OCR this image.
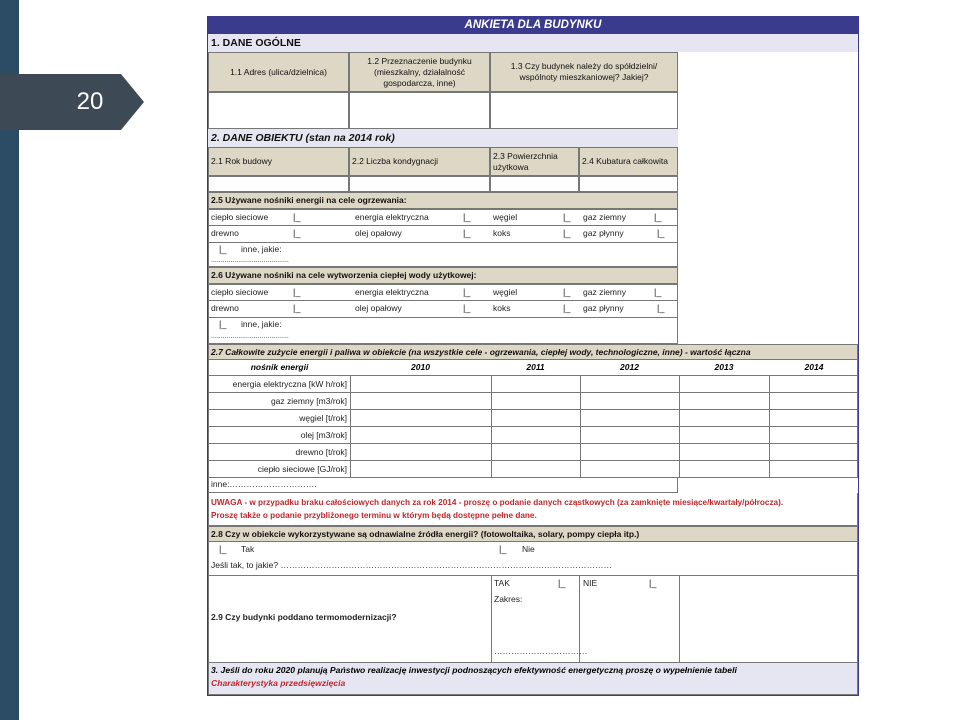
20
ANKIETA DLA BUDYNKU
1. DANE OGÓLNE
1.1 Adres (ulica/dzielnica)
1.2 Przeznaczenie budynku (mieszkalny, działalność gospodarcza, inne)
1.3 Czy budynek należy do spółdzielni/ wspólnoty mieszkaniowej? Jakiej?
2. DANE OBIEKTU (stan na 2014 rok)
2.1 Rok budowy	2.2 Liczba kondygnacji
2.3 Powierzchnia użytkowa
2.4 Kubatura całkowita
2.5 Używane nośniki energii na cele ogrzewania:
ciepło sieciowe	|_	energia elektryczna	|_	węgiel	|_ gaz ziemny	|_
drewno	|_	olej opałowy	|_	koks	|_ gaz płynny	|_
|_ inne, jakie:
........................................
2.6 Używane nośniki na cele wytworzenia ciepłej wody użytkowej:
ciepło sieciowe	|_	energia elektryczna	|_	węgiel	|_ gaz ziemny	|_
drewno	|_	olej opałowy	|_	koks	|_ gaz płynny	|_
|_ inne, jakie:
........................................
2.7 Całkowite zużycie energii i paliwa w obiekcie (na wszystkie cele - ogrzewania, ciepłej wody, technologiczne, inne) - wartość łączna
nośnik energii	2010	2011	2012	2013	2014
energia elektryczna [kW h/rok]
gaz ziemny [m3/rok]
węgiel [t/rok]
olej [m3/rok]
drewno [t/rok]
ciepło sieciowe [GJ/rok]
inne:………………………….
UWAGA - w przypadku braku całościowych danych za rok 2014 - proszę o podanie danych cząstkowych (za zamknięte miesiące/kwartały/półrocza).
Proszę także o podanie przybliżonego terminu w którym będą dostępne pełne dane.
2.8 Czy w obiekcie wykorzystywane są odnawialne źródła energii? (fotowoltaika, solary, pompy ciepła itp.)
|_ Tak	|_ Nie
Jeśli tak, to jakie? ………………………………………………………………………………………………………
2.9 Czy budynki poddano termomodernizacji?
TAK	|_
Zakres:
……………………………
NIE	|_
3. Jeśli do roku 2020 planują Państwo realizację inwestycji podnoszących efektywność energetyczną proszę o wypełnienie tabeli
Charakterystyka przedsięwzięcia
